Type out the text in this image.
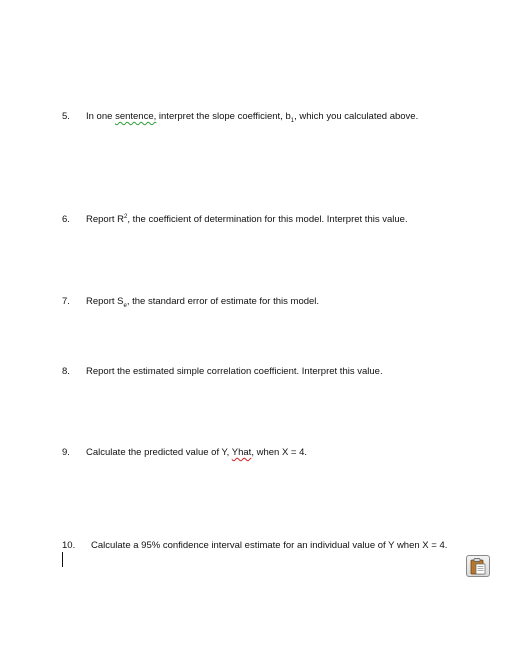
5. In one sentence, interpret the slope coefficient, $b_1$, which you calculated above.
6. Report $R^2$, the coefficient of determination for this model. Interpret this value.
7. Report $S_e$, the standard error of estimate for this model.
8. Report the estimated simple correlation coefficient. Interpret this value.
9. Calculate the predicted value of Y, Yhat, when X = 4.
10. Calculate a 95% confidence interval estimate for an individual value of Y when X = 4.
